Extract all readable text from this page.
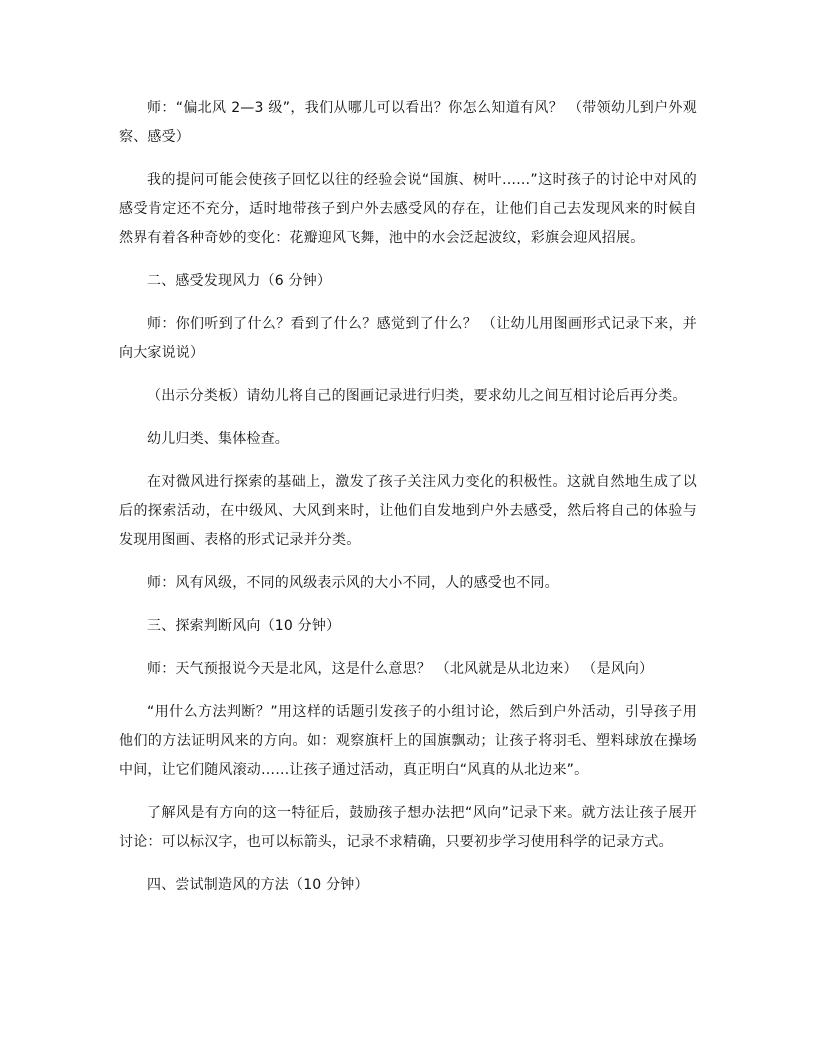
师：“偏北风 2—3 级”，我们从哪儿可以看出？你怎么知道有风？ （带领幼儿到户外观察、感受）

我的提问可能会使孩子回忆以往的经验会说“国旗、树叶……”这时孩子的讨论中对风的感受肯定还不充分，适时地带孩子到户外去感受风的存在，让他们自己去发现风来的时候自然界有着各种奇妙的变化：花瓣迎风飞舞，池中的水会泛起波纹，彩旗会迎风招展。

二、感受发现风力（6 分钟）

师：你们听到了什么？看到了什么？感觉到了什么？ （让幼儿用图画形式记录下来，并向大家说说）

（出示分类板）请幼儿将自己的图画记录进行归类，要求幼儿之间互相讨论后再分类。

幼儿归类、集体检查。

在对微风进行探索的基础上，激发了孩子关注风力变化的积极性。这就自然地生成了以后的探索活动，在中级风、大风到来时，让他们自发地到户外去感受，然后将自己的体验与发现用图画、表格的形式记录并分类。

师：风有风级，不同的风级表示风的大小不同，人的感受也不同。

三、探索判断风向（10 分钟）

师：天气预报说今天是北风，这是什么意思？ （北风就是从北边来） （是风向）

“用什么方法判断？”用这样的话题引发孩子的小组讨论，然后到户外活动，引导孩子用他们的方法证明风来的方向。如：观察旗杆上的国旗飘动；让孩子将羽毛、塑料球放在操场中间，让它们随风滚动……让孩子通过活动，真正明白“风真的从北边来”。

了解风是有方向的这一特征后，鼓励孩子想办法把“风向”记录下来。就方法让孩子展开讨论：可以标汉字，也可以标箭头，记录不求精确，只要初步学习使用科学的记录方式。

四、尝试制造风的方法（10 分钟）
